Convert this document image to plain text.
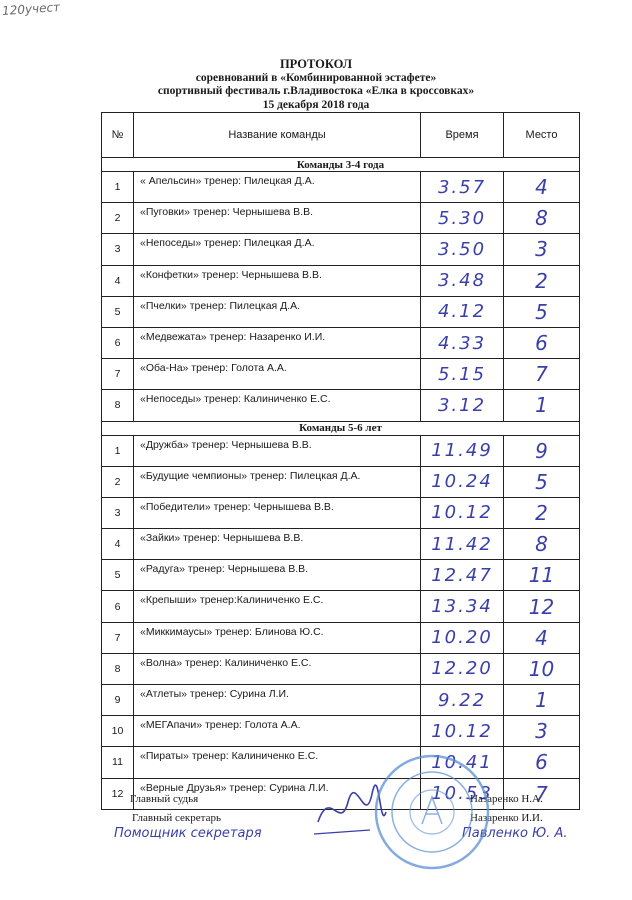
120учест
ПРОТОКОЛ
соревнований в «Комбинированной эстафете»
спортивный фестиваль г.Владивостока «Елка в кроссовках»
15 декабря 2018 года
№	Название команды	Время	Место
Команды 3-4 года			
1	« Апельсин» тренер: Пилецкая Д.А.	3.57	4
2	«Пуговки» тренер: Чернышева В.В.	5.30	8
3	«Непоседы» тренер: Пилецкая Д.А.	3.50	3
4	«Конфетки» тренер: Чернышева В.В.	3.48	2
5	«Пчелки» тренер: Пилецкая Д.А.	4.12	5
6	«Медвежата» тренер: Назаренко И.И.	4.33	6
7	«Оба-На» тренер: Голота А.А.	5.15	7
8	«Непоседы» тренер: Калиниченко Е.С.	3.12	1
Команды 5-6 лет			
1	«Дружба» тренер: Чернышева В.В.	11.49	9
2	«Будущие чемпионы» тренер: Пилецкая Д.А.	10.24	5
3	«Победители» тренер: Чернышева В.В.	10.12	2
4	«Зайки» тренер: Чернышева В.В.	11.42	8
5	«Радуга» тренер: Чернышева В.В.	12.47	11
6	«Крепыши» тренер:Калиниченко Е.С.	13.34	12
7	«Миккимаусы» тренер: Блинова Ю.С.	10.20	4
8	«Волна» тренер: Калиниченко Е.С.	12.20	10
9	«Атлеты» тренер: Сурина Л.И.	9.22	1
10	«МЕГАпачи» тренер: Голота А.А.	10.12	3
11	«Пираты» тренер: Калиниченко Е.С.	10.41	6
12	«Верные Друзья» тренер: Сурина Л.И.	10.53	7
Главный судья
Главный секретарь
Назаренко Н.А.
Назаренко И.И.
Помощник секретаря	Павленко Ю. А.
